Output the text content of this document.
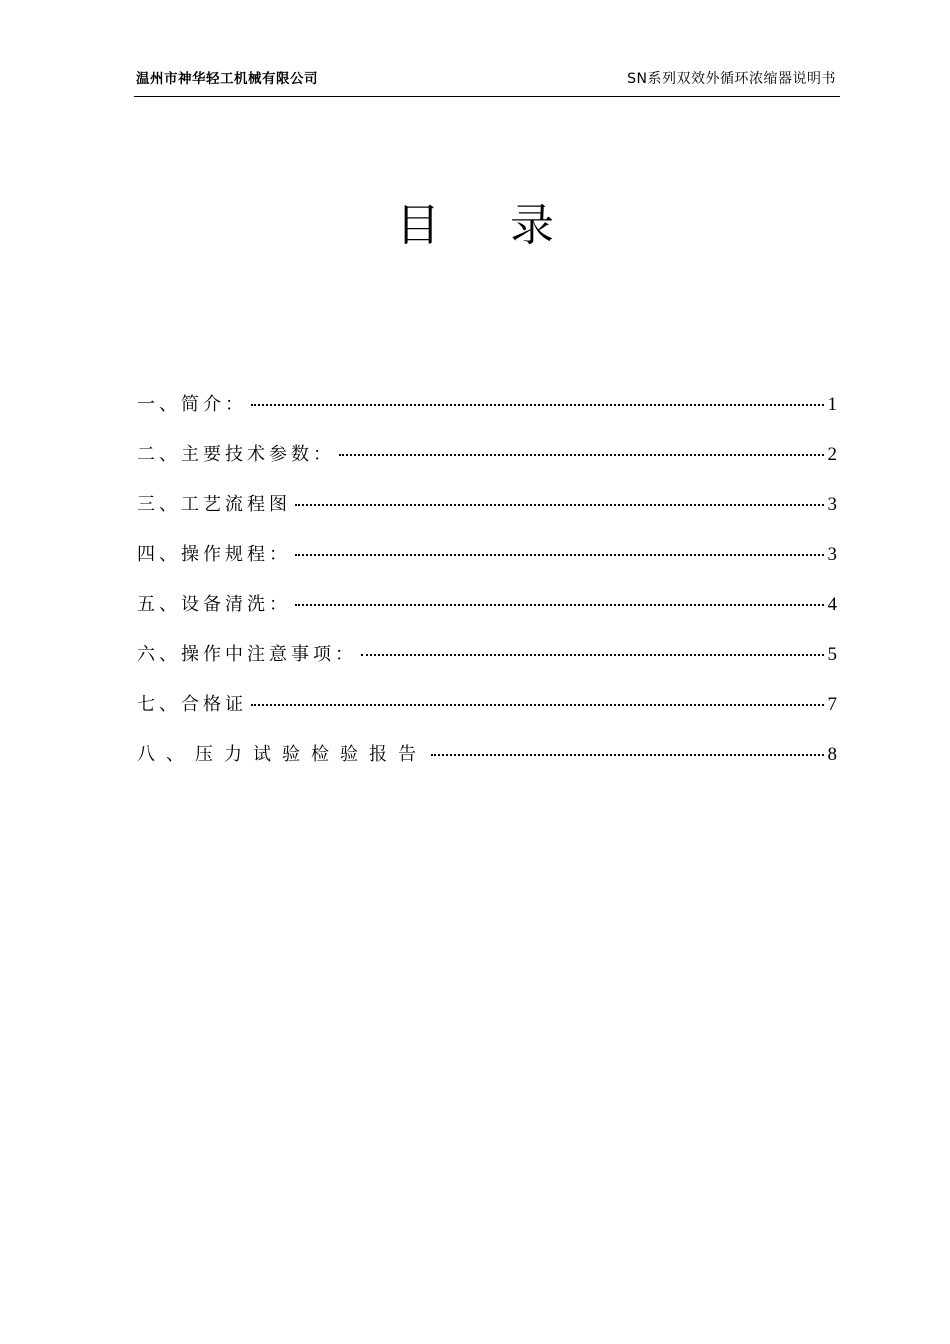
温州市神华轻工机械有限公司	SN系列双效外循环浓缩器说明书
目录
一、简介：	1
二、主要技术参数：	2
三、工艺流程图	3
四、操作规程：	3
五、设备清洗：	4
六、操作中注意事项：	5
七、合格证	7
八、压力试验检验报告	8
